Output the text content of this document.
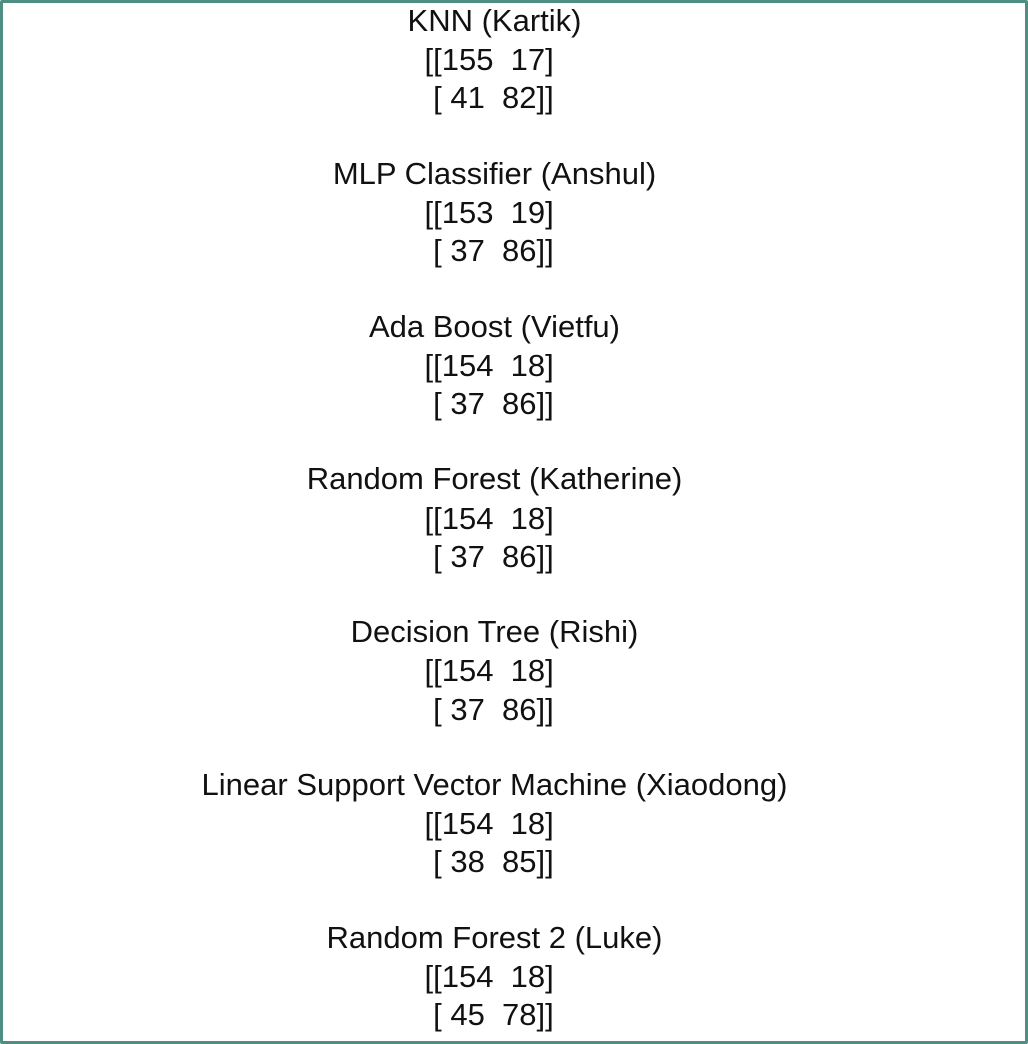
KNN (Kartik)
[[155  17]
[ 41  82]]
MLP Classifier (Anshul)
[[153  19]
[ 37  86]]
Ada Boost (Vietfu)
[[154  18]
[ 37  86]]
Random Forest (Katherine)
[[154  18]
[ 37  86]]
Decision Tree (Rishi)
[[154  18]
[ 37  86]]
Linear Support Vector Machine (Xiaodong)
[[154  18]
[ 38  85]]
Random Forest 2 (Luke)
[[154  18]
[ 45  78]]
